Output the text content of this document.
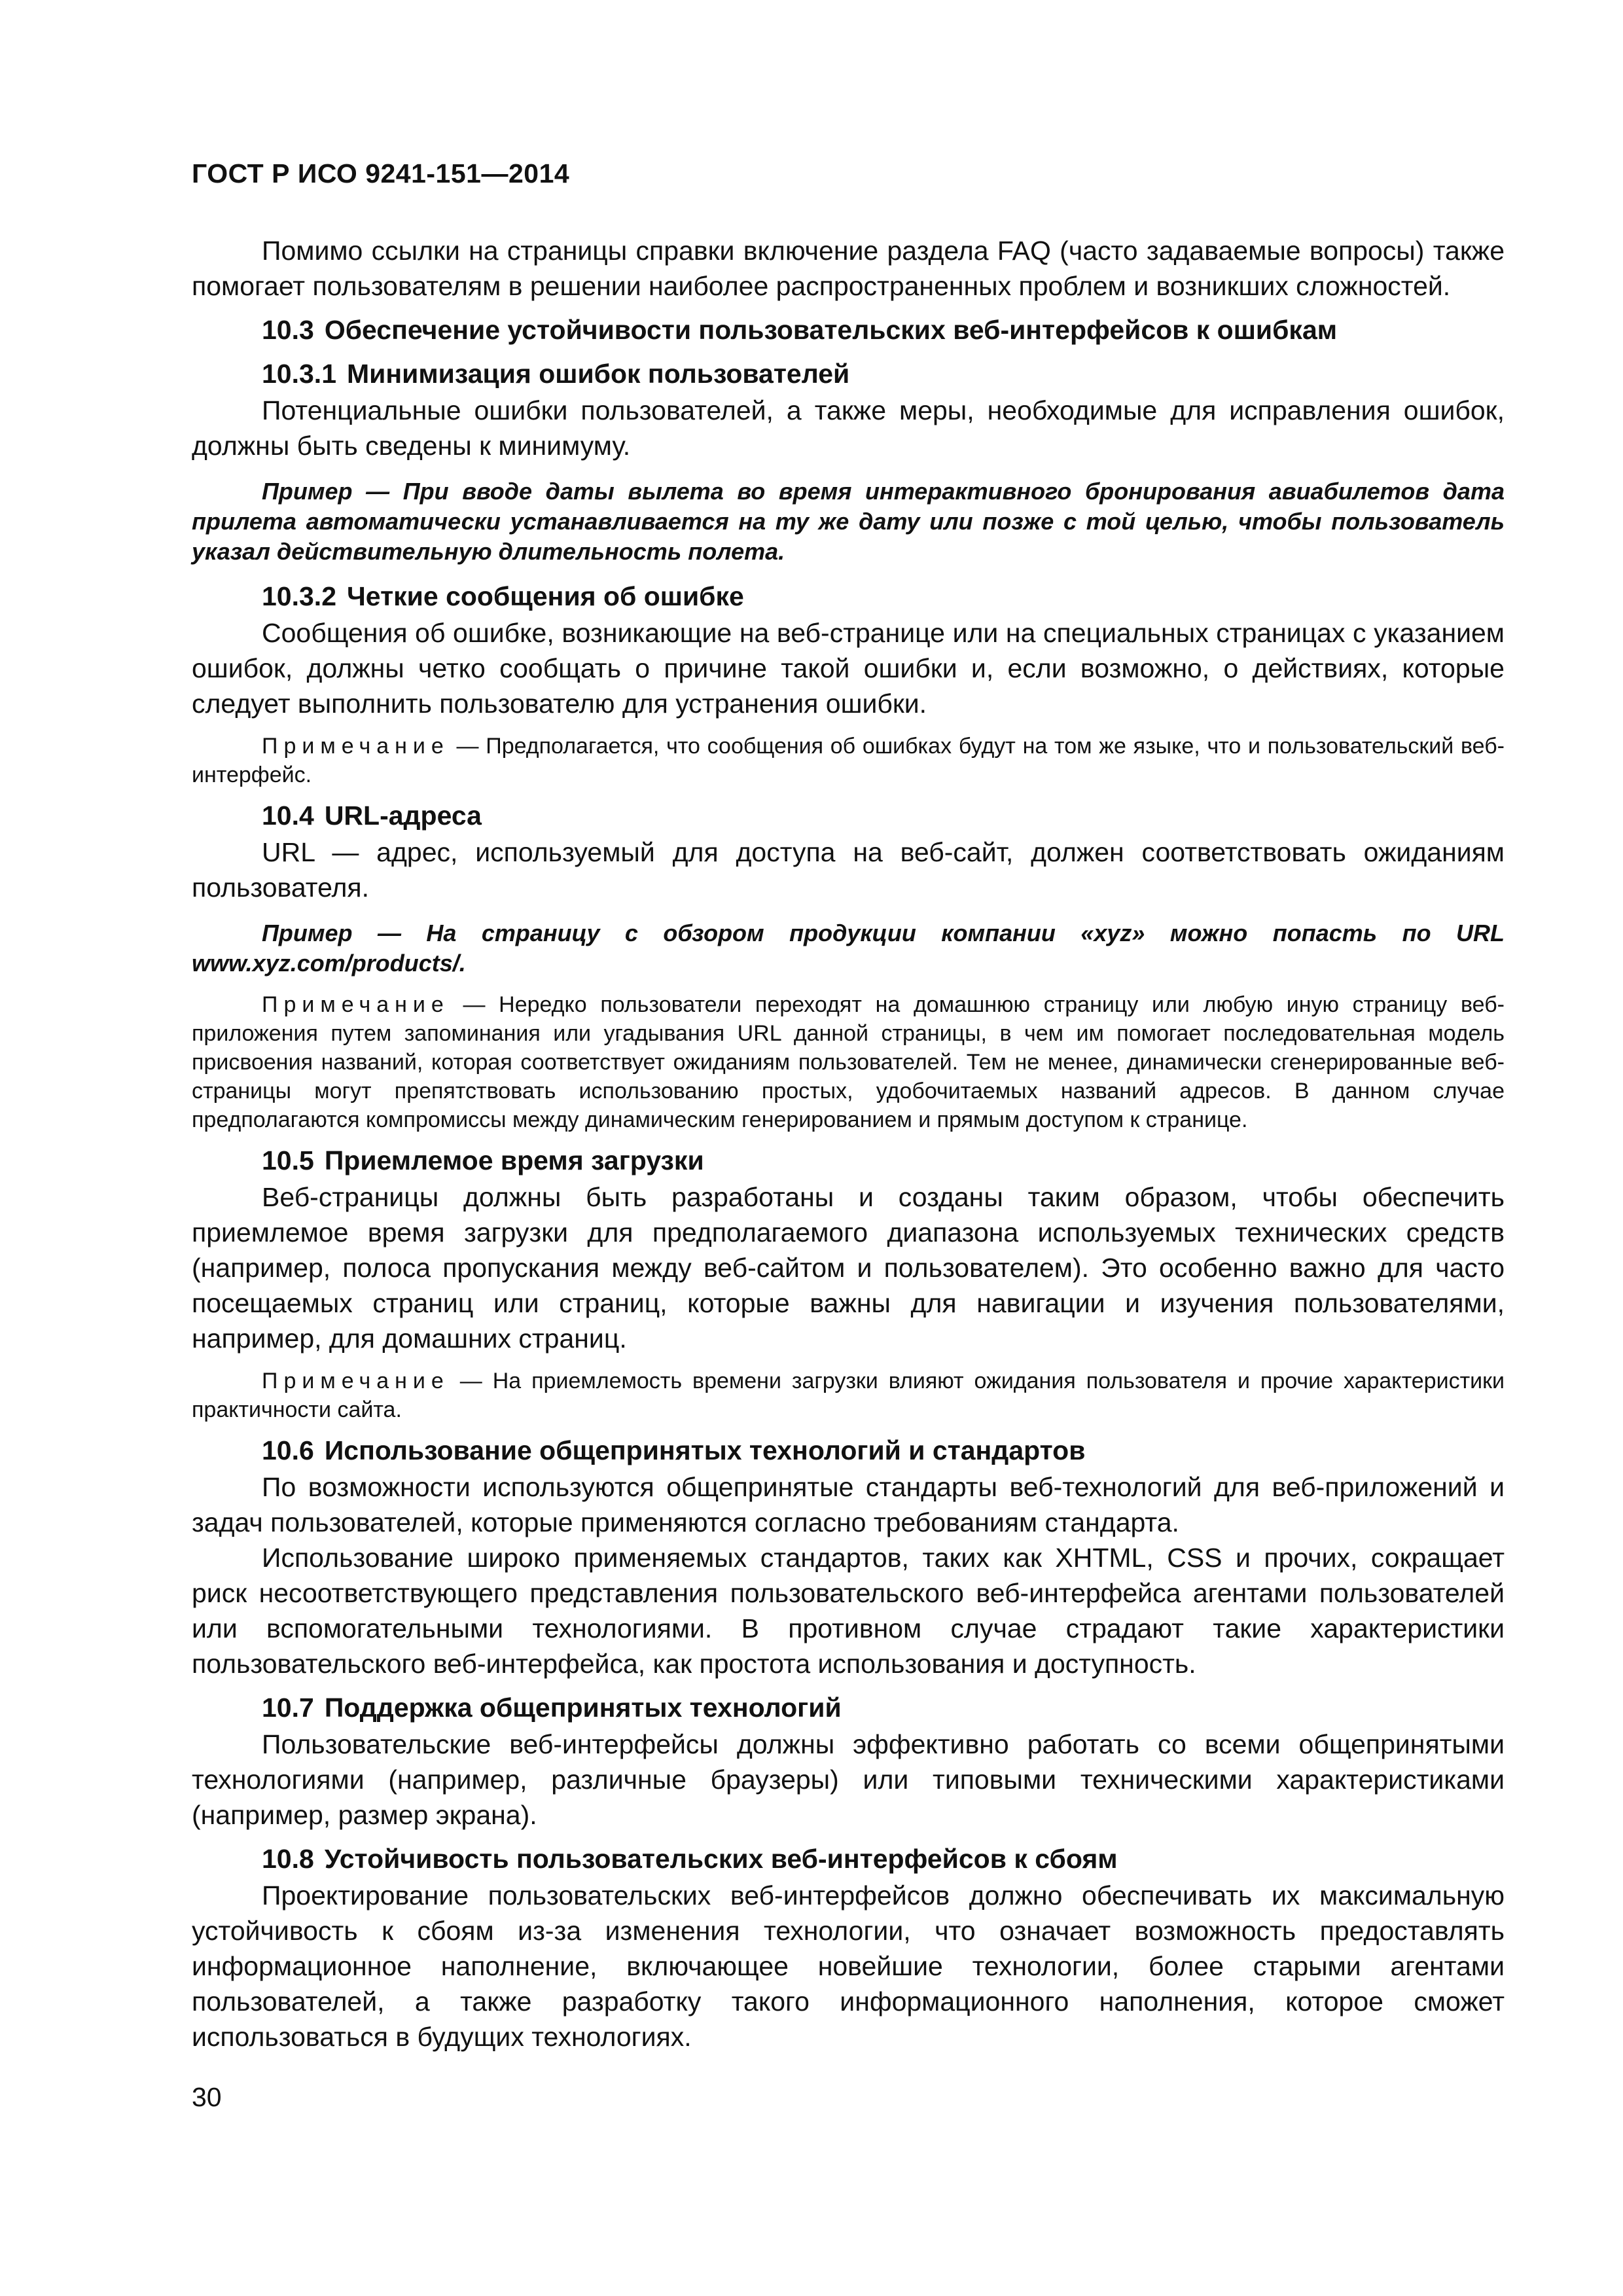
ГОСТ Р ИСО 9241-151—2014

Помимо ссылки на страницы справки включение раздела FAQ (часто задаваемые вопросы) также помогает пользователям в решении наиболее распространенных проблем и возникших сложностей.

10.3 Обеспечение устойчивости пользовательских веб-интерфейсов к ошибкам
10.3.1 Минимизация ошибок пользователей

Потенциальные ошибки пользователей, а также меры, необходимые для исправления ошибок, должны быть сведены к минимуму.

Пример — При вводе даты вылета во время интерактивного бронирования авиабилетов дата прилета автоматически устанавливается на ту же дату или позже с той целью, чтобы пользователь указал действительную длительность полета.

10.3.2 Четкие сообщения об ошибке

Сообщения об ошибке, возникающие на веб-странице или на специальных страницах с указанием ошибок, должны четко сообщать о причине такой ошибки и, если возможно, о действиях, которые следует выполнить пользователю для устранения ошибки.

Примечание — Предполагается, что сообщения об ошибках будут на том же языке, что и пользовательский веб-интерфейс.

10.4 URL-адреса

URL — адрес, используемый для доступа на веб-сайт, должен соответствовать ожиданиям пользователя.

Пример — На страницу с обзором продукции компании «xyz» можно попасть по URL www.xyz.com/products/.

Примечание — Нередко пользователи переходят на домашнюю страницу или любую иную страницу веб-приложения путем запоминания или угадывания URL данной страницы, в чем им помогает последовательная модель присвоения названий, которая соответствует ожиданиям пользователей. Тем не менее, динамически сгенерированные веб-страницы могут препятствовать использованию простых, удобочитаемых названий адресов. В данном случае предполагаются компромиссы между динамическим генерированием и прямым доступом к странице.

10.5 Приемлемое время загрузки

Веб-страницы должны быть разработаны и созданы таким образом, чтобы обеспечить приемлемое время загрузки для предполагаемого диапазона используемых технических средств (например, полоса пропускания между веб-сайтом и пользователем). Это особенно важно для часто посещаемых страниц или страниц, которые важны для навигации и изучения пользователями, например, для домашних страниц.

Примечание — На приемлемость времени загрузки влияют ожидания пользователя и прочие характеристики практичности сайта.

10.6 Использование общепринятых технологий и стандартов

По возможности используются общепринятые стандарты веб-технологий для веб-приложений и задач пользователей, которые применяются согласно требованиям стандарта.

Использование широко применяемых стандартов, таких как XHTML, CSS и прочих, сокращает риск несоответствующего представления пользовательского веб-интерфейса агентами пользователей или вспомогательными технологиями. В противном случае страдают такие характеристики пользовательского веб-интерфейса, как простота использования и доступность.

10.7 Поддержка общепринятых технологий

Пользовательские веб-интерфейсы должны эффективно работать со всеми общепринятыми технологиями (например, различные браузеры) или типовыми техническими характеристиками (например, размер экрана).

10.8 Устойчивость пользовательских веб-интерфейсов к сбоям

Проектирование пользовательских веб-интерфейсов должно обеспечивать их максимальную устойчивость к сбоям из-за изменения технологии, что означает возможность предоставлять информационное наполнение, включающее новейшие технологии, более старыми агентами пользователей, а также разработку такого информационного наполнения, которое сможет использоваться в будущих технологиях.

30
